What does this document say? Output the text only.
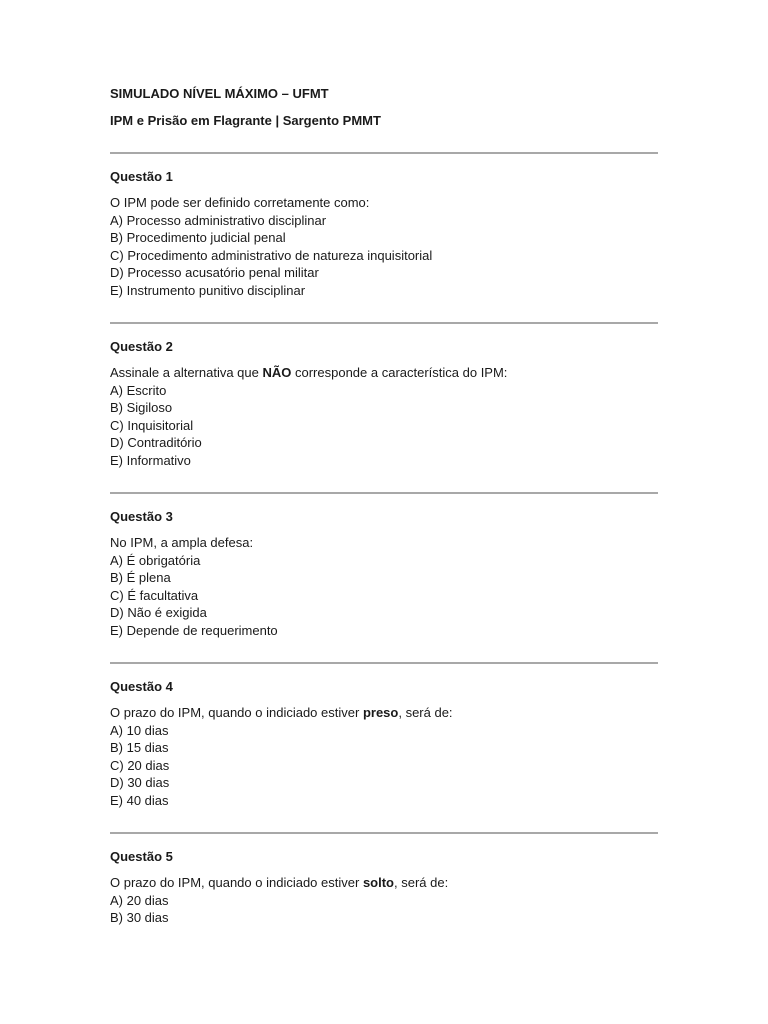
SIMULADO NÍVEL MÁXIMO – UFMT
IPM e Prisão em Flagrante | Sargento PMMT
Questão 1
O IPM pode ser definido corretamente como:
A) Processo administrativo disciplinar
B) Procedimento judicial penal
C) Procedimento administrativo de natureza inquisitorial
D) Processo acusatório penal militar
E) Instrumento punitivo disciplinar
Questão 2
Assinale a alternativa que NÃO corresponde a característica do IPM:
A) Escrito
B) Sigiloso
C) Inquisitorial
D) Contraditório
E) Informativo
Questão 3
No IPM, a ampla defesa:
A) É obrigatória
B) É plena
C) É facultativa
D) Não é exigida
E) Depende de requerimento
Questão 4
O prazo do IPM, quando o indiciado estiver preso, será de:
A) 10 dias
B) 15 dias
C) 20 dias
D) 30 dias
E) 40 dias
Questão 5
O prazo do IPM, quando o indiciado estiver solto, será de:
A) 20 dias
B) 30 dias
